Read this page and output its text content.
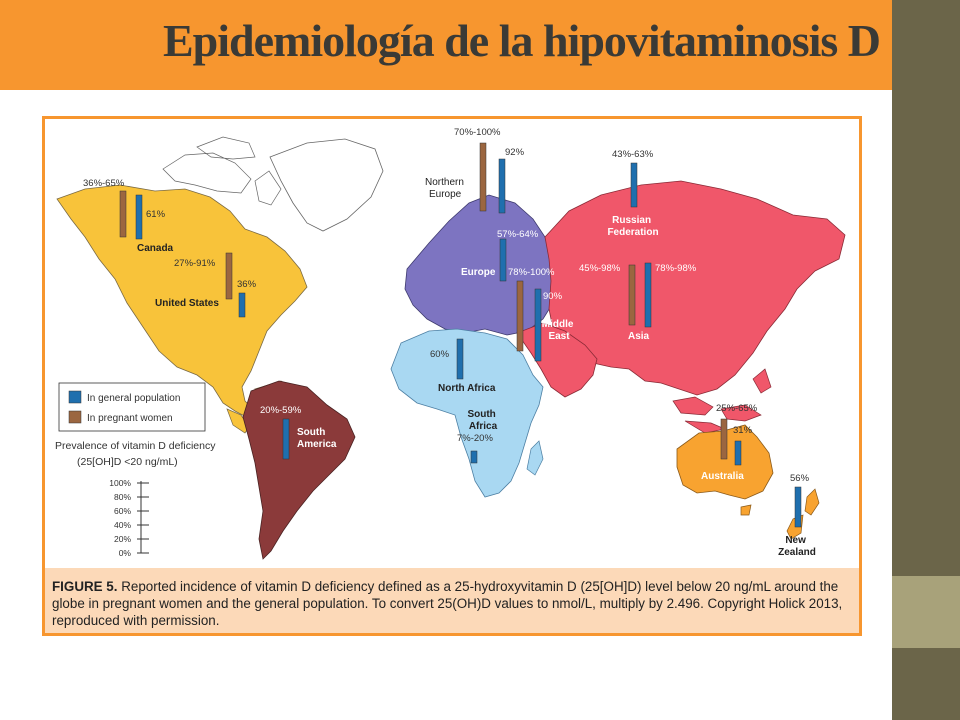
Epidemiología de la hipovitaminosis D
36%-65%
61%
Canada
27%-91%
36%
United States
20%-59%
South America
70%-100%
92%
Northern Europe
57%-64%
Europe
43%-63%
Russian Federation
78%-100%
90%
Middle East
45%-98%	78%-98%
Asia
60%
North Africa
South Africa
7%-20%
25%-65%
31%
Australia	56%
New Zealand
In general population
In pregnant women
Prevalence of vitamin D deficiency
(25[OH]D <20 ng/mL)
100%
80%
60%
40%
20%
0%
FIGURE 5. Reported incidence of vitamin D deficiency defined as a 25-hydroxyvitamin D (25[OH]D) level below 20 ng/mL around the globe in pregnant women and the general population. To convert 25(OH)D values to nmol/L, multiply by 2.496. Copyright Holick 2013, reproduced with permission.
